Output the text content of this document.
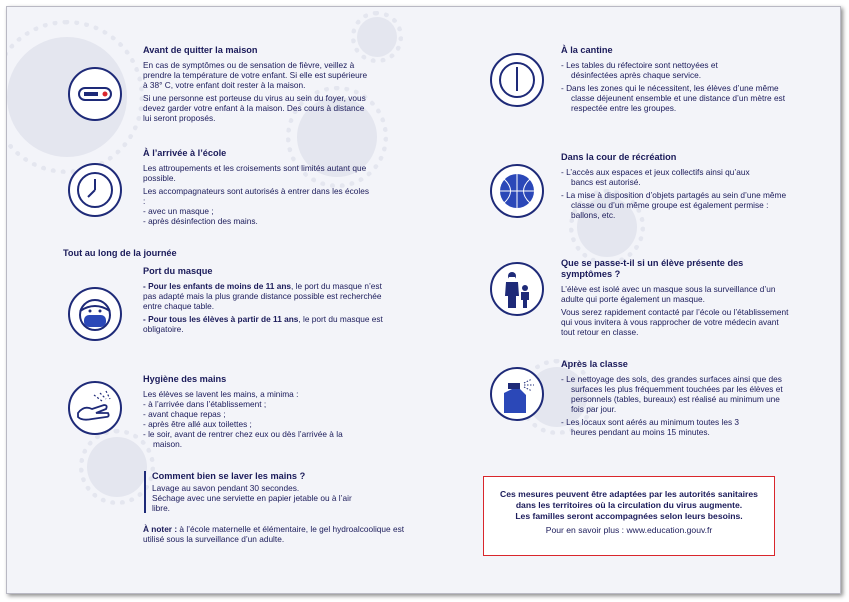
Avant de quitter la maison

En cas de symptômes ou de sensation de fièvre, veillez à prendre la température de votre enfant. Si elle est supérieure à 38° C, votre enfant doit rester à la maison.

Si une personne est porteuse du virus au sein du foyer, vous devez garder votre enfant à la maison. Des cours à distance lui seront proposés.

À l’arrivée à l’école

Les attroupements et les croisements sont limités autant que possible.

Les accompagnateurs sont autorisés à entrer dans les écoles :

- avec un masque ;

- après désinfection des mains.

Tout au long de la journée
Port du masque

- Pour les enfants de moins de 11 ans, le port du masque n’est pas adapté mais la plus grande distance possible est recherchée entre chaque table.

- Pour tous les élèves à partir de 11 ans, le port du masque est obligatoire.

Hygiène des mains

Les élèves se lavent les mains, a minima :

- à l’arrivée dans l’établissement ;

- avant chaque repas ;

- après être allé aux toilettes ;

- le soir, avant de rentrer chez eux ou dès l’arrivée à la maison.

Comment bien se laver les mains ?

Lavage au savon pendant 30 secondes.

Séchage avec une serviette en papier jetable ou à l’air libre.

À noter : à l’école maternelle et élémentaire, le gel hydroalcoolique est utilisé sous la surveillance d’un adulte.

À la cantine

- Les tables du réfectoire sont nettoyées et désinfectées après chaque service.

- Dans les zones qui le nécessitent, les élèves d’une même classe déjeunent ensemble et une distance d’un mètre est respectée entre les groupes.

Dans la cour de récréation

- L’accès aux espaces et jeux collectifs ainsi qu’aux bancs est autorisé.

- La mise à disposition d’objets partagés au sein d’une même classe ou d’un même groupe est également permise : ballons, etc.

Que se passe-t-il si un élève présente des symptômes ?

L’élève est isolé avec un masque sous la surveillance d’un adulte qui porte également un masque.

Vous serez rapidement contacté par l’école ou l’établissement qui vous invitera à vous rapprocher de votre médecin avant tout retour en classe.

Après la classe

- Le nettoyage des sols, des grandes surfaces ainsi que des surfaces les plus fréquemment touchées par les élèves et personnels (tables, bureaux) est réalisé au minimum une fois par jour.

- Les locaux sont aérés au minimum toutes les 3 heures pendant au moins 15 minutes.

Ces mesures peuvent être adaptées par les autorités sanitaires

dans les territoires où la circulation du virus augmente.

Les familles seront accompagnées selon leurs besoins.

Pour en savoir plus : www.education.gouv.fr
